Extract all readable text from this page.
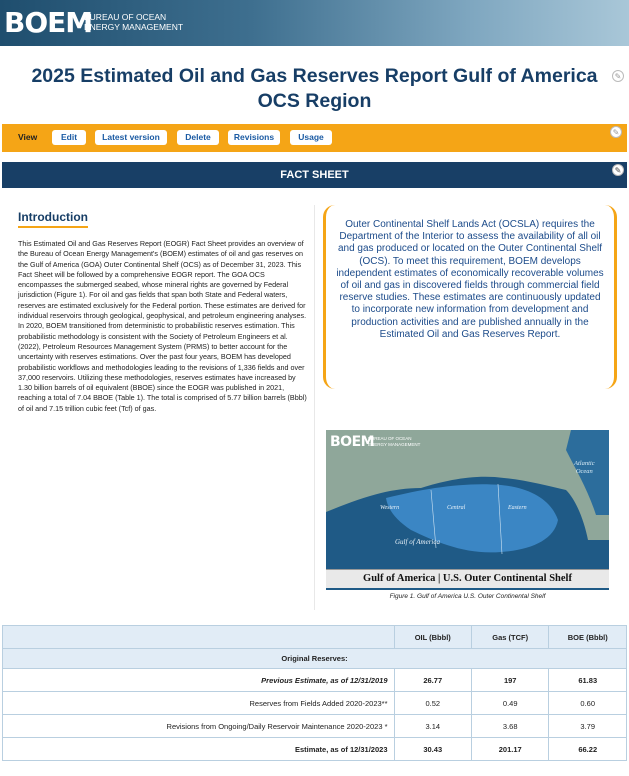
BOEM
BUREAU OF OCEAN
ENERGY MANAGEMENT
2025 Estimated Oil and Gas Reserves Report Gulf of America
OCS Region
✎
View	Edit	Latest version	Delete	Revisions	Usage	✎
FACT SHEET	✎
Introduction

This Estimated Oil and Gas Reserves Report (EOGR) Fact Sheet provides an overview of the Bureau of Ocean Energy Management's (BOEM) estimates of oil and gas reserves on the Gulf of America (GOA) Outer Continental Shelf (OCS) as of December 31, 2023. This Fact Sheet will be followed by a comprehensive EOGR report. The GOA OCS encompasses the submerged seabed, whose mineral rights are governed by Federal jurisdiction (Figure 1). For oil and gas fields that span both State and Federal waters, reserves are estimated exclusively for the Federal portion. These estimates are derived for individual reservoirs through geological, geophysical, and petroleum engineering analyses. In 2020, BOEM transitioned from deterministic to probabilistic reserves estimation. This probabilistic methodology is consistent with the Society of Petroleum Engineers et al. (2022), Petroleum Resources Management System (PRMS) to better account for the uncertainty with reserves estimations. Over the past four years, BOEM has developed probabilistic workflows and methodologies leading to the revisions of 1,336 fields and over 37,000 reservoirs. Utilizing these methodologies, reserves estimates have increased by 1.30 billion barrels of oil equivalent (BBOE) since the EOGR was published in 2021, reaching a total of 7.04 BBOE (Table 1). The total is comprised of 5.77 billion barrels (Bbbl) of oil and 7.15 trillion cubic feet (Tcf) of gas.

Outer Continental Shelf Lands Act (OCSLA) requires the Department of the Interior to assess the availability of all oil and gas produced or located on the Outer Continental Shelf (OCS). To meet this requirement, BOEM develops independent estimates of economically recoverable volumes of oil and gas in discovered fields through commercial field reserve studies. These estimates are continuously updated to incorporate new information from development and production activities and are published annually in the Estimated Oil and Gas Reserves Report.

Atlantic
Ocean
Western	Central	Eastern
Gulf of America
BOEM
BUREAU OF OCEAN
ENERGY MANAGEMENT
Gulf of America | U.S. Outer Continental Shelf
Figure 1. Gulf of America U.S. Outer Continental Shelf
	OIL (Bbbl)	Gas (TCF)	BOE (Bbbl)
Original Reserves:			
Previous Estimate, as of 12/31/2019	26.77	197	61.83
Reserves from Fields Added 2020-2023**	0.52	0.49	0.60
Revisions from Ongoing/Daily Reservoir Maintenance 2020-2023 *	3.14	3.68	3.79
Estimate, as of 12/31/2023	30.43	201.17	66.22
